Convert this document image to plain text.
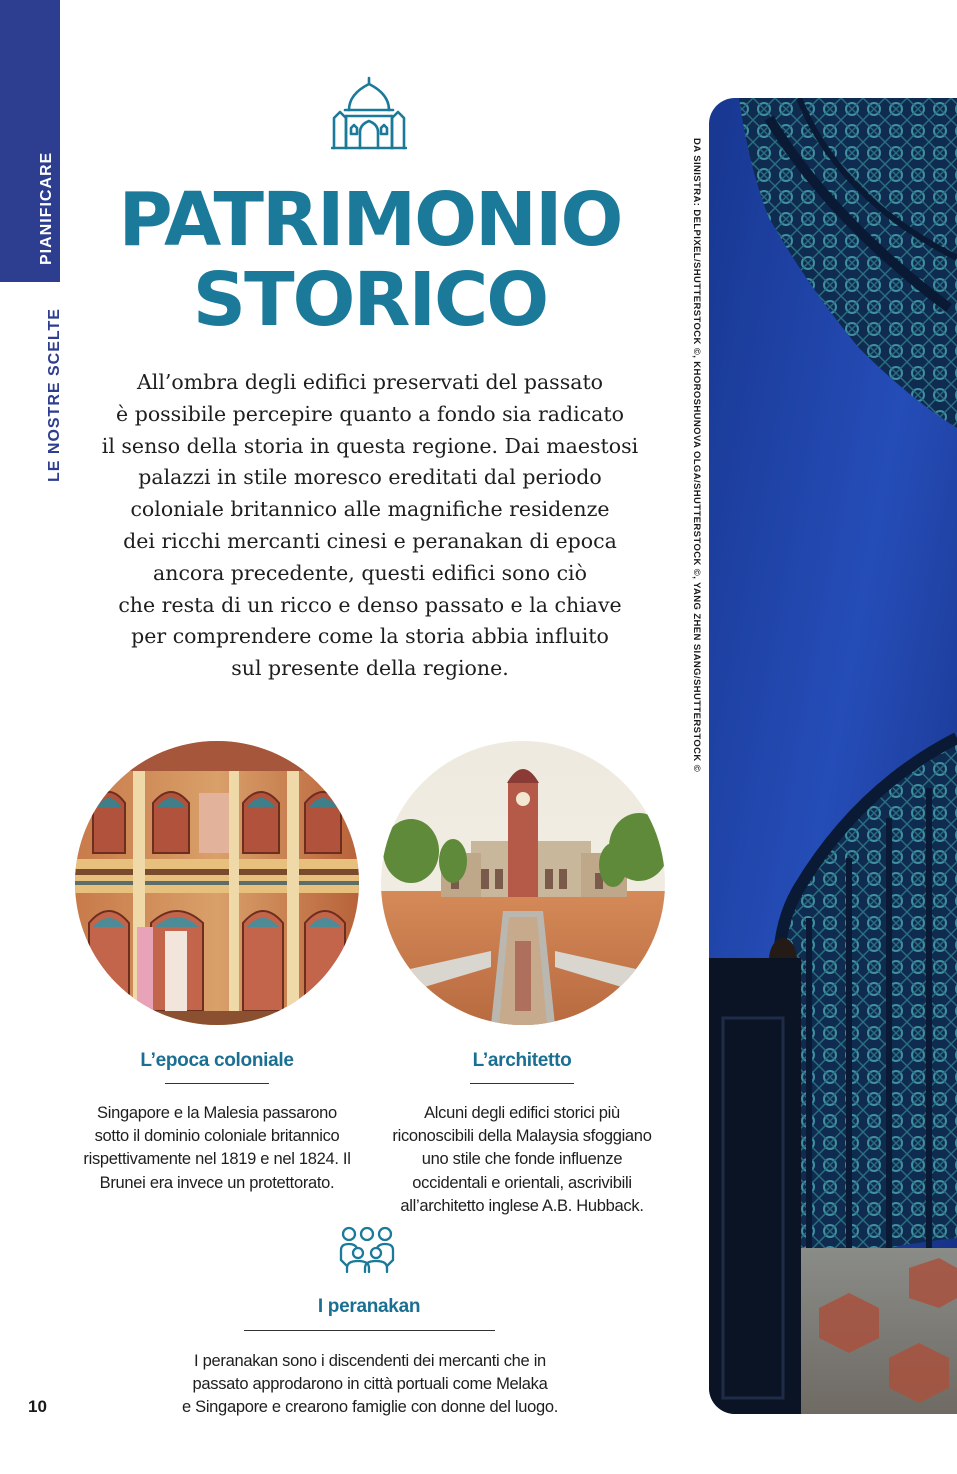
PIANIFICARE
LE NOSTRE SCELTE
10
PATRIMONIO
STORICO

All’ombra degli edifici preservati del passato
è possibile percepire quanto a fondo sia radicato
il senso della storia in questa regione. Dai maestosi
palazzi in stile moresco ereditati dal periodo
coloniale britannico alle magnifiche residenze
dei ricchi mercanti cinesi e peranakan di epoca
ancora precedente, questi edifici sono ciò
che resta di un ricco e denso passato e la chiave
per comprendere come la storia abbia influito
sul presente della regione.

L’epoca coloniale

Singapore e la Malesia passarono
sotto il dominio coloniale britannico
rispettivamente nel 1819 e nel 1824. Il
Brunei era invece un protettorato.

L’architetto

Alcuni degli edifici storici più
riconoscibili della Malaysia sfoggiano
uno stile che fonde influenze
occidentali e orientali, ascrivibili
all’architetto inglese A.B. Hubback.

I peranakan

I peranakan sono i discendenti dei mercanti che in
passato approdarono in città portuali come Melaka
e Singapore e crearono famiglie con donne del luogo.

DA SINISTRA: DELPIXEL/SHUTTERSTOCK ©, KHOROSHUNOVA OLGA/SHUTTERSTOCK ©, YANG ZHEN SIANG/SHUTTERSTOCK ©
